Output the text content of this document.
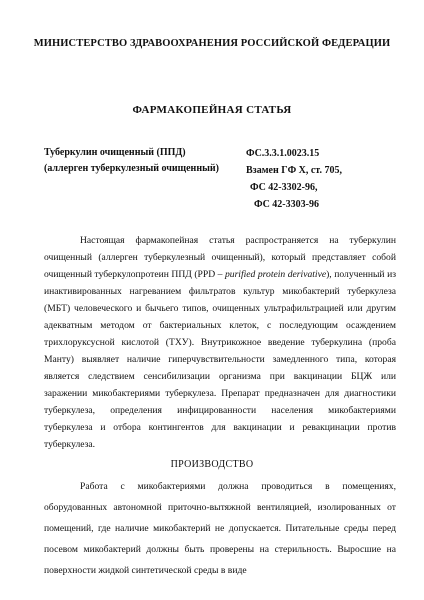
МИНИСТЕРСТВО ЗДРАВООХРАНЕНИЯ РОССИЙСКОЙ ФЕДЕРАЦИИ
ФАРМАКОПЕЙНАЯ СТАТЬЯ
Туберкулин очищенный (ППД)
(аллерген туберкулезный очищенный)
ФС.3.3.1.0023.15
Взамен ГФ X, ст. 705,
ФС 42-3302-96,
ФС 42-3303-96

Настоящая фармакопейная статья распространяется на туберкулин очищенный (аллерген туберкулезный очищенный), который представляет собой очищенный туберкулопротеин ППД (PPD – purified protein derivative), полученный из инактивированных нагреванием фильтратов культур микобактерий туберкулеза (МБТ) человеческого и бычьего типов, очищенных ультрафильтрацией или другим адекватным методом от бактериальных клеток, с последующим осаждением трихлоруксусной кислотой (ТХУ). Внутрикожное введение туберкулина (проба Манту) выявляет наличие гиперчувствительности замедленного типа, которая является следствием сенсибилизации организма при вакцинации БЦЖ или заражении микобактериями туберкулеза. Препарат предназначен для диагностики туберкулеза, определения инфицированности населения микобактериями туберкулеза и отбора контингентов для вакцинации и ревакцинации против туберкулеза.

ПРОИЗВОДСТВО

Работа с микобактериями должна проводиться в помещениях, оборудованных автономной приточно-вытяжной вентиляцией, изолированных от помещений, где наличие микобактерий не допускается. Питательные среды перед посевом микобактерий должны быть проверены на стерильность. Выросшие на поверхности жидкой синтетической среды в виде
